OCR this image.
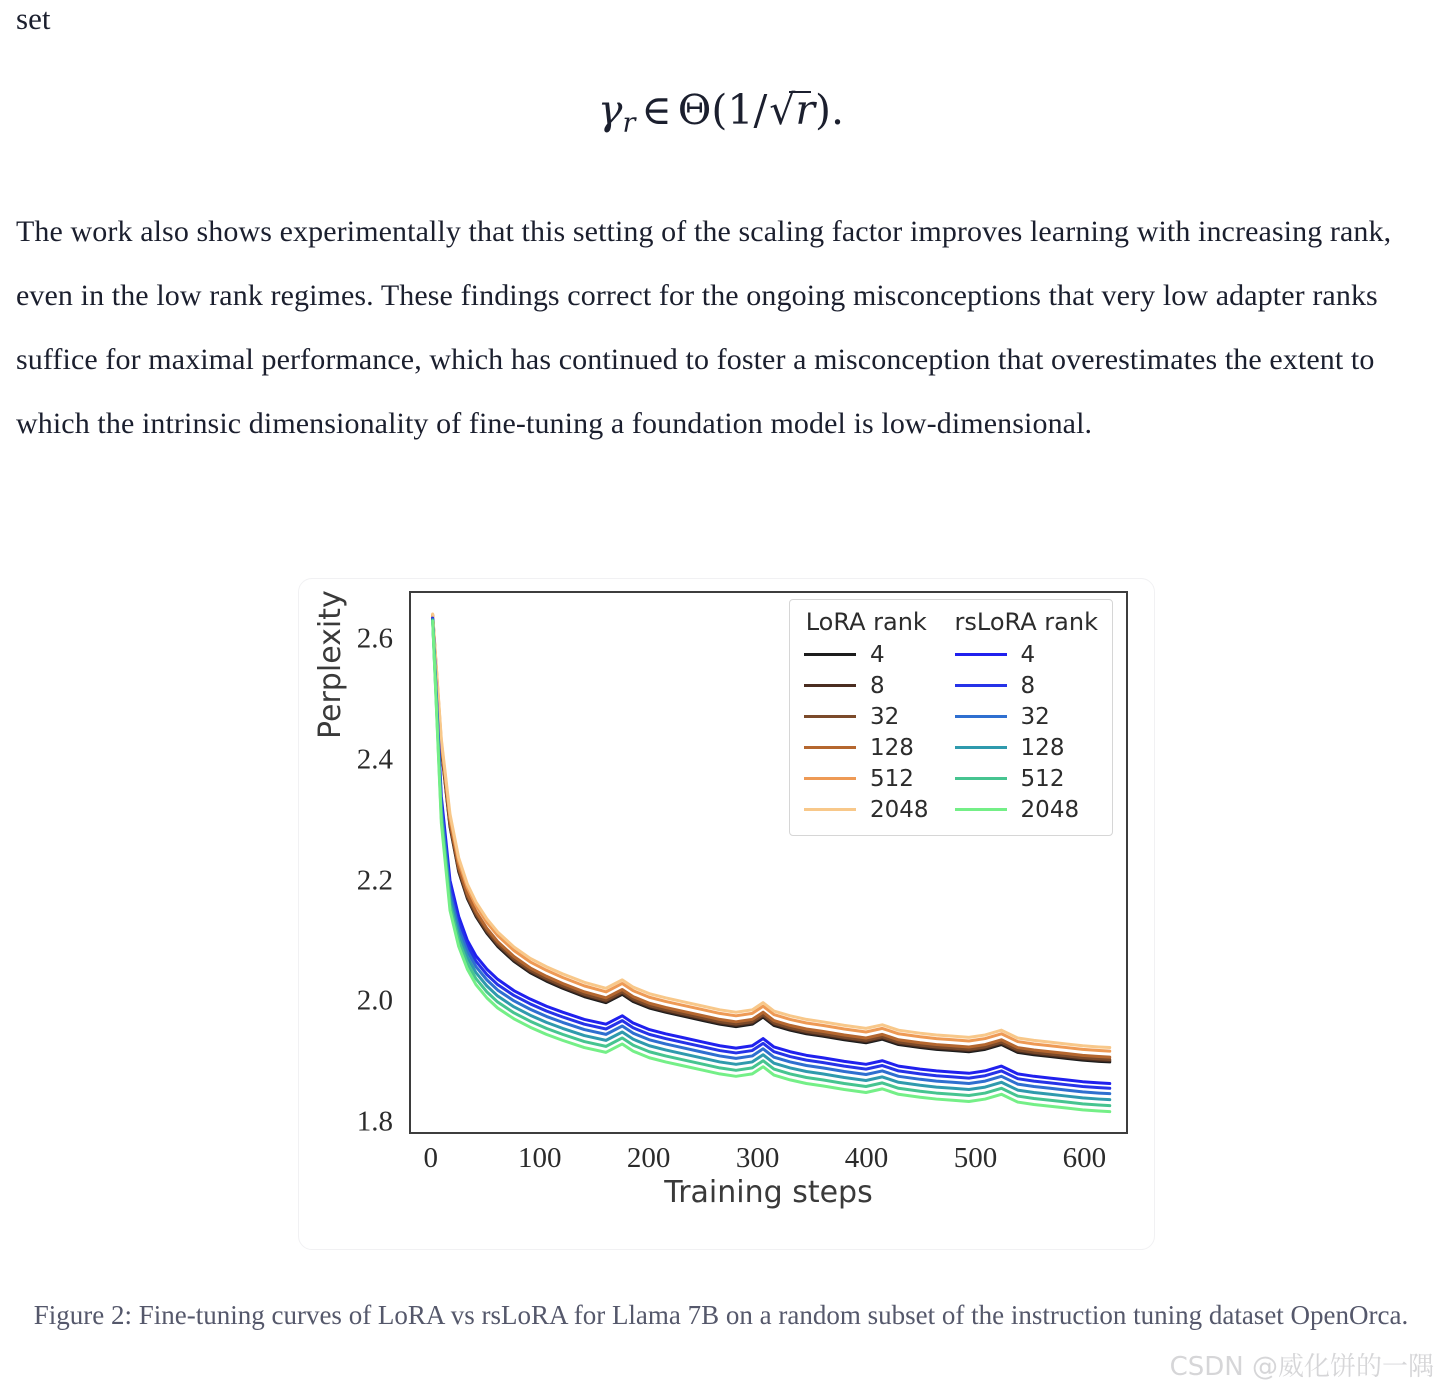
set
$\gamma_r$ ∈ Θ(1/√r
).
The work also shows experimentally that this setting of the scaling factor improves learning with increasing rank, even in the low rank regimes. These findings correct for the ongoing misconceptions that very low adapter ranks suffice for maximal performance, which has continued to foster a misconception that overestimates the extent to which the intrinsic dimensionality of fine-tuning a foundation model is low-dimensional.
Perplexity
Training steps
1.8
2.0
2.2
2.4
2.6
0	100 200 300 400 500 600
LoRA rank
4
8
32
128
512
2048
rsLoRA rank
4
8
32
128
512
2048
Figure 2: Fine-tuning curves of LoRA vs rsLoRA for Llama 7B on a random subset of the instruction tuning dataset OpenOrca.
CSDN @威化饼的一隅
